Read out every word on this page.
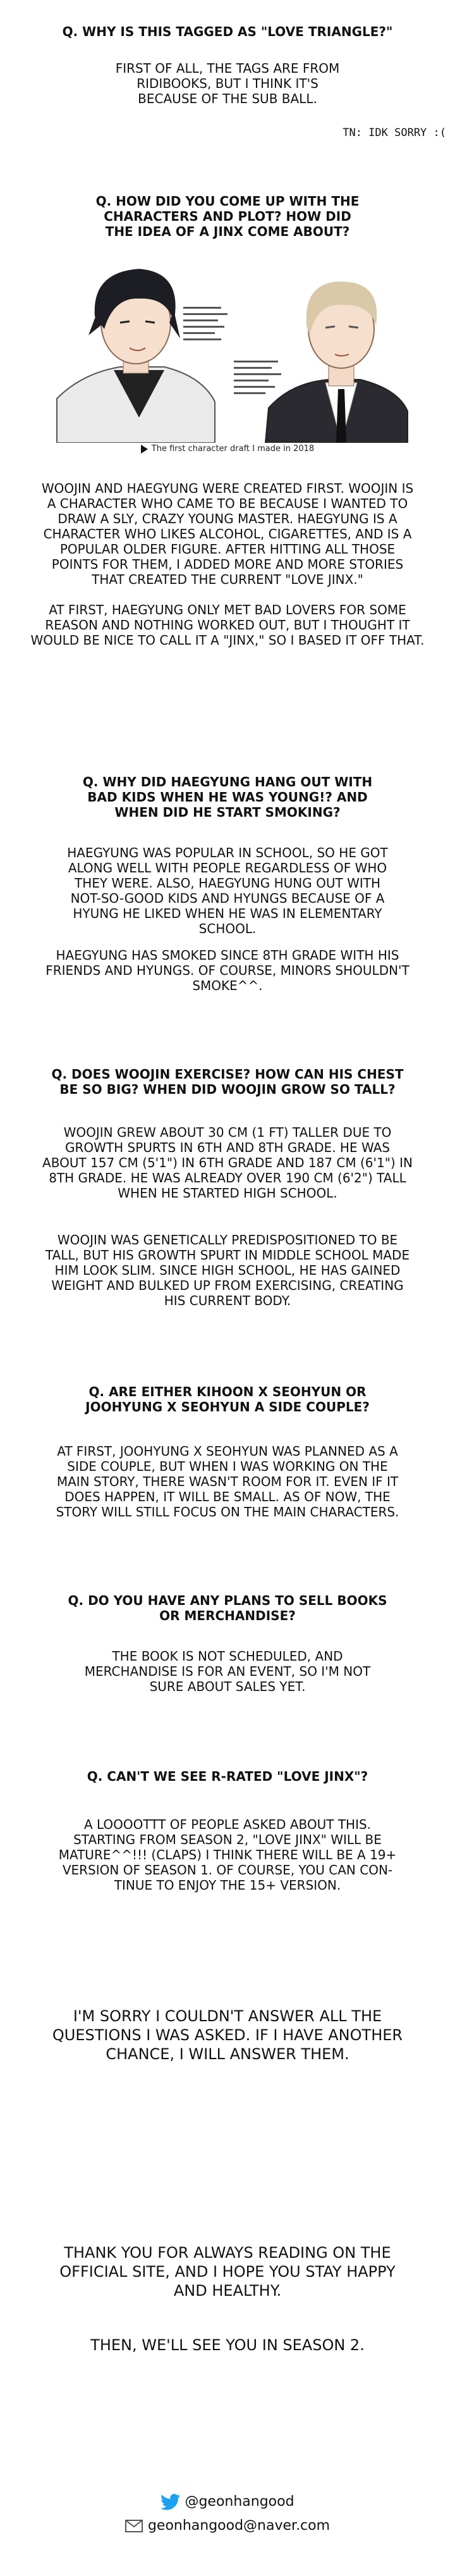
Q. WHY IS THIS TAGGED AS "LOVE TRIANGLE?"

FIRST OF ALL, THE TAGS ARE FROM

RIDIBOOKS, BUT I THINK IT'S

BECAUSE OF THE SUB BALL.

TN: IDK SORRY :(

Q. HOW DID YOU COME UP WITH THE

CHARACTERS AND PLOT? HOW DID

THE IDEA OF A JINX COME ABOUT?

The first character draft I made in 2018

WOOJIN AND HAEGYUNG WERE CREATED FIRST. WOOJIN IS

A CHARACTER WHO CAME TO BE BECAUSE I WANTED TO

DRAW A SLY, CRAZY YOUNG MASTER. HAEGYUNG IS A

CHARACTER WHO LIKES ALCOHOL, CIGARETTES, AND IS A

POPULAR OLDER FIGURE. AFTER HITTING ALL THOSE

POINTS FOR THEM, I ADDED MORE AND MORE STORIES

THAT CREATED THE CURRENT "LOVE JINX."

AT FIRST, HAEGYUNG ONLY MET BAD LOVERS FOR SOME

REASON AND NOTHING WORKED OUT, BUT I THOUGHT IT

WOULD BE NICE TO CALL IT A "JINX," SO I BASED IT OFF THAT.

Q. WHY DID HAEGYUNG HANG OUT WITH

BAD KIDS WHEN HE WAS YOUNG!? AND

WHEN DID HE START SMOKING?

HAEGYUNG WAS POPULAR IN SCHOOL, SO HE GOT

ALONG WELL WITH PEOPLE REGARDLESS OF WHO

THEY WERE. ALSO, HAEGYUNG HUNG OUT WITH

NOT-SO-GOOD KIDS AND HYUNGS BECAUSE OF A

HYUNG HE LIKED WHEN HE WAS IN ELEMENTARY

SCHOOL.

HAEGYUNG HAS SMOKED SINCE 8TH GRADE WITH HIS

FRIENDS AND HYUNGS. OF COURSE, MINORS SHOULDN'T

SMOKE^^.

Q. DOES WOOJIN EXERCISE? HOW CAN HIS CHEST

BE SO BIG? WHEN DID WOOJIN GROW SO TALL?

WOOJIN GREW ABOUT 30 CM (1 FT) TALLER DUE TO

GROWTH SPURTS IN 6TH AND 8TH GRADE. HE WAS

ABOUT 157 CM (5'1") IN 6TH GRADE AND 187 CM (6'1") IN

8TH GRADE. HE WAS ALREADY OVER 190 CM (6'2") TALL

WHEN HE STARTED HIGH SCHOOL.

WOOJIN WAS GENETICALLY PREDISPOSITIONED TO BE

TALL, BUT HIS GROWTH SPURT IN MIDDLE SCHOOL MADE

HIM LOOK SLIM. SINCE HIGH SCHOOL, HE HAS GAINED

WEIGHT AND BULKED UP FROM EXERCISING, CREATING

HIS CURRENT BODY.

Q. ARE EITHER KIHOON X SEOHYUN OR

JOOHYUNG X SEOHYUN A SIDE COUPLE?

AT FIRST, JOOHYUNG X SEOHYUN WAS PLANNED AS A

SIDE COUPLE, BUT WHEN I WAS WORKING ON THE

MAIN STORY, THERE WASN'T ROOM FOR IT. EVEN IF IT

DOES HAPPEN, IT WILL BE SMALL. AS OF NOW, THE

STORY WILL STILL FOCUS ON THE MAIN CHARACTERS.

Q. DO YOU HAVE ANY PLANS TO SELL BOOKS

OR MERCHANDISE?

THE BOOK IS NOT SCHEDULED, AND

MERCHANDISE IS FOR AN EVENT, SO I'M NOT

SURE ABOUT SALES YET.

Q. CAN'T WE SEE R-RATED "LOVE JINX"?

A LOOOOTTT OF PEOPLE ASKED ABOUT THIS.

STARTING FROM SEASON 2, "LOVE JINX" WILL BE

MATURE^^!!! (CLAPS) I THINK THERE WILL BE A 19+

VERSION OF SEASON 1. OF COURSE, YOU CAN CON-

TINUE TO ENJOY THE 15+ VERSION.

I'M SORRY I COULDN'T ANSWER ALL THE

QUESTIONS I WAS ASKED. IF I HAVE ANOTHER

CHANCE, I WILL ANSWER THEM.

THANK YOU FOR ALWAYS READING ON THE

OFFICIAL SITE, AND I HOPE YOU STAY HAPPY

AND HEALTHY.

THEN, WE'LL SEE YOU IN SEASON 2.

@geonhangood
geonhangood@naver.com
